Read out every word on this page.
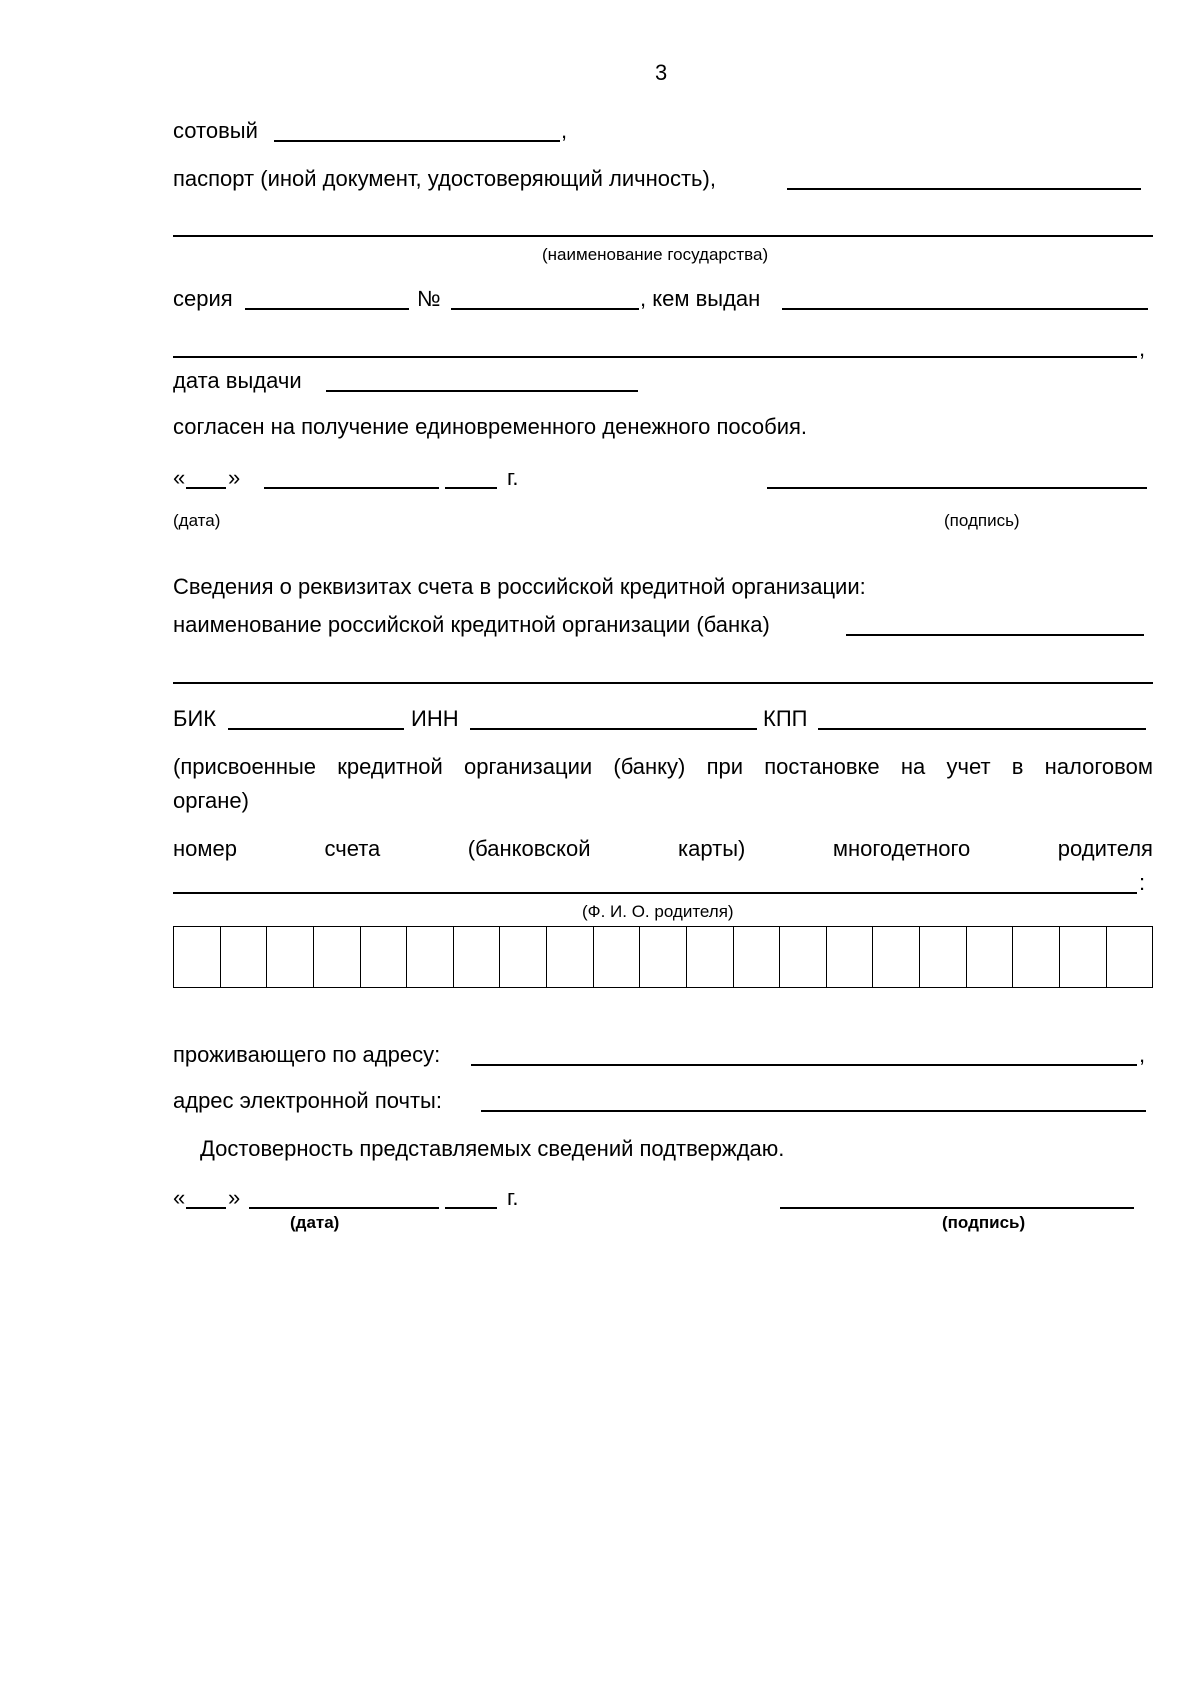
3
сотовый	,
паспорт (иной документ, удостоверяющий личность),
(наименование государства)
серия	№	, кем выдан
,
дата выдачи
согласен на получение единовременного денежного пособия.
« »	г.
(дата)	(подпись)
Сведения о реквизитах счета в российской кредитной организации:
наименование российской кредитной организации (банка)
БИК	ИНН	КПП
(присвоенные кредитной организации (банку) при постановке на учет в налоговом
органе)
номер	счета	(банковской	карты)	многодетного	родителя
:
(Ф. И. О. родителя)
проживающего по адресу:	,
адрес электронной почты:
Достоверность представляемых сведений подтверждаю.
« »	г.
(дата)	(подпись)
